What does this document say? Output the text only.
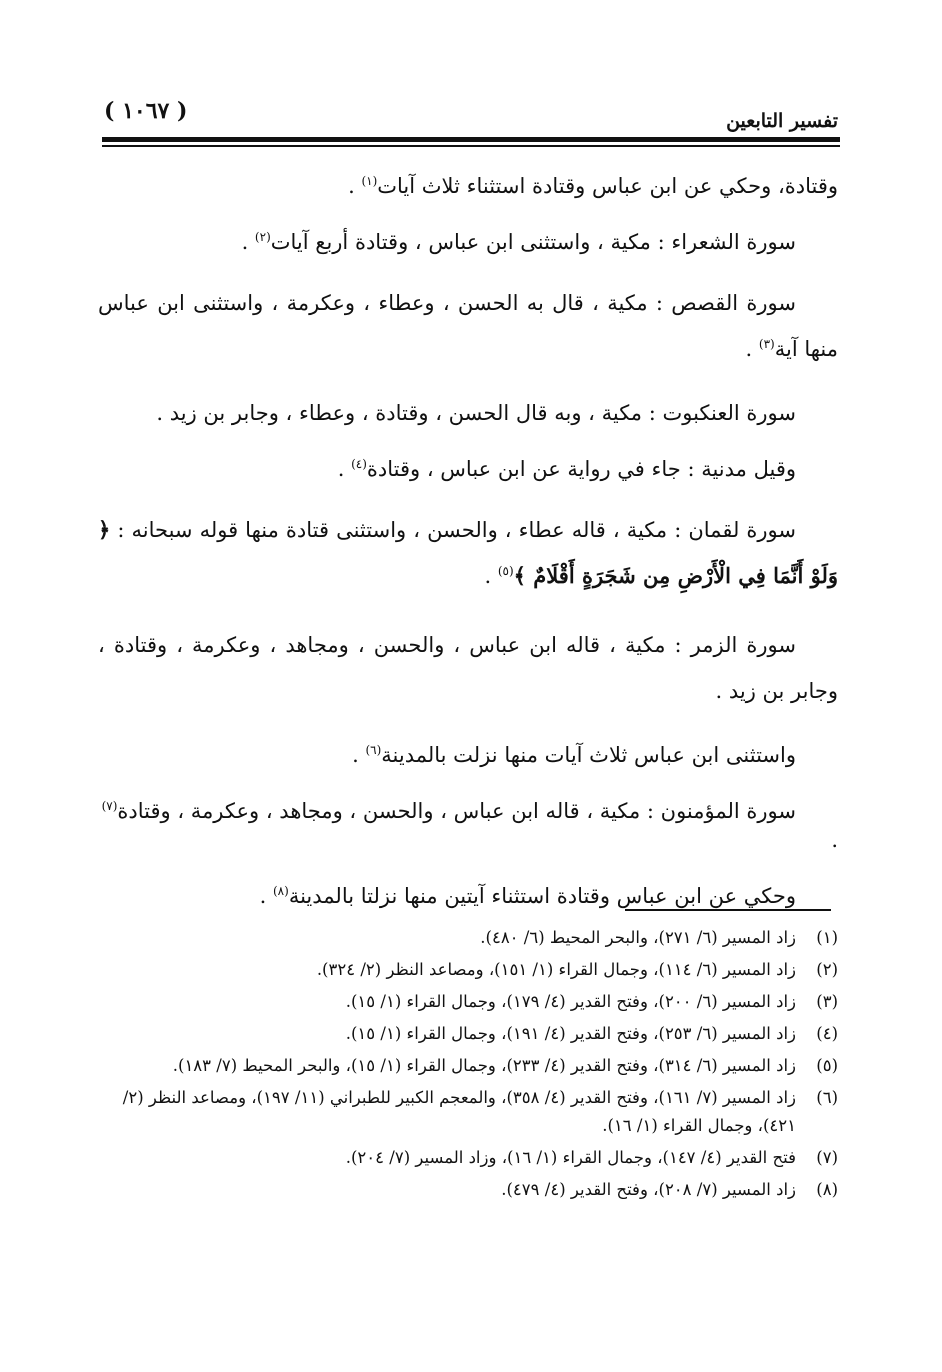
( ١٠٦٧ )	تفسير التابعين

وقتادة، وحكي عن ابن عباس وقتادة استثناء ثلاث آيات$^{(١)}$ .

سورة الشعراء : مكية ، واستثنى ابن عباس ، وقتادة أربع آيات$^{(٢)}$ .

سورة القصص : مكية ، قال به الحسن ، وعطاء ، وعكرمة ، واستثنى ابن عباس منها آية$^{(٣)}$ .

سورة العنكبوت : مكية ، وبه قال الحسن ، وقتادة ، وعطاء ، وجابر بن زيد .

وقيل مدنية : جاء في رواية عن ابن عباس ، وقتادة$^{(٤)}$ .

سورة لقمان : مكية ، قاله عطاء ، والحسن ، واستثنى قتادة منها قوله سبحانه : ﴿ وَلَوْ أَنَّمَا فِي الْأَرْضِ مِن شَجَرَةٍ أَقْلَامٌ ﴾$^{(٥)}$ .

سورة الزمر : مكية ، قاله ابن عباس ، والحسن ، ومجاهد ، وعكرمة ، وقتادة ، وجابر بن زيد .

واستثنى ابن عباس ثلاث آيات منها نزلت بالمدينة$^{(٦)}$ .

سورة المؤمنون : مكية ، قاله ابن عباس ، والحسن ، ومجاهد ، وعكرمة ، وقتادة$^{(٧)}$ .

وحكي عن ابن عباس وقتادة استثناء آيتين منها نزلتا بالمدينة$^{(٨)}$ .

(١)
زاد المسير (٦/ ٢٧١)، والبحر المحيط (٦/ ٤٨٠).
(٢)
زاد المسير (٦/ ١١٤)، وجمال القراء (١/ ١٥١)، ومصاعد النظر (٢/ ٣٢٤).
(٣)
زاد المسير (٦/ ٢٠٠)، وفتح القدير (٤/ ١٧٩)، وجمال القراء (١/ ١٥).
(٤)
زاد المسير (٦/ ٢٥٣)، وفتح القدير (٤/ ١٩١)، وجمال القراء (١/ ١٥).
(٥)
زاد المسير (٦/ ٣١٤)، وفتح القدير (٤/ ٢٣٣)، وجمال القراء (١/ ١٥)، والبحر المحيط (٧/ ١٨٣).
(٦)
زاد المسير (٧/ ١٦١)، وفتح القدير (٤/ ٣٥٨)، والمعجم الكبير للطبراني (١١/ ١٩٧)، ومصاعد النظر (٢/ ٤٢١)، وجمال القراء (١/ ١٦).
(٧)
فتح القدير (٤/ ١٤٧)، وجمال القراء (١/ ١٦)، وزاد المسير (٧/ ٢٠٤).
(٨)
زاد المسير (٧/ ٢٠٨)، وفتح القدير (٤/ ٤٧٩).
